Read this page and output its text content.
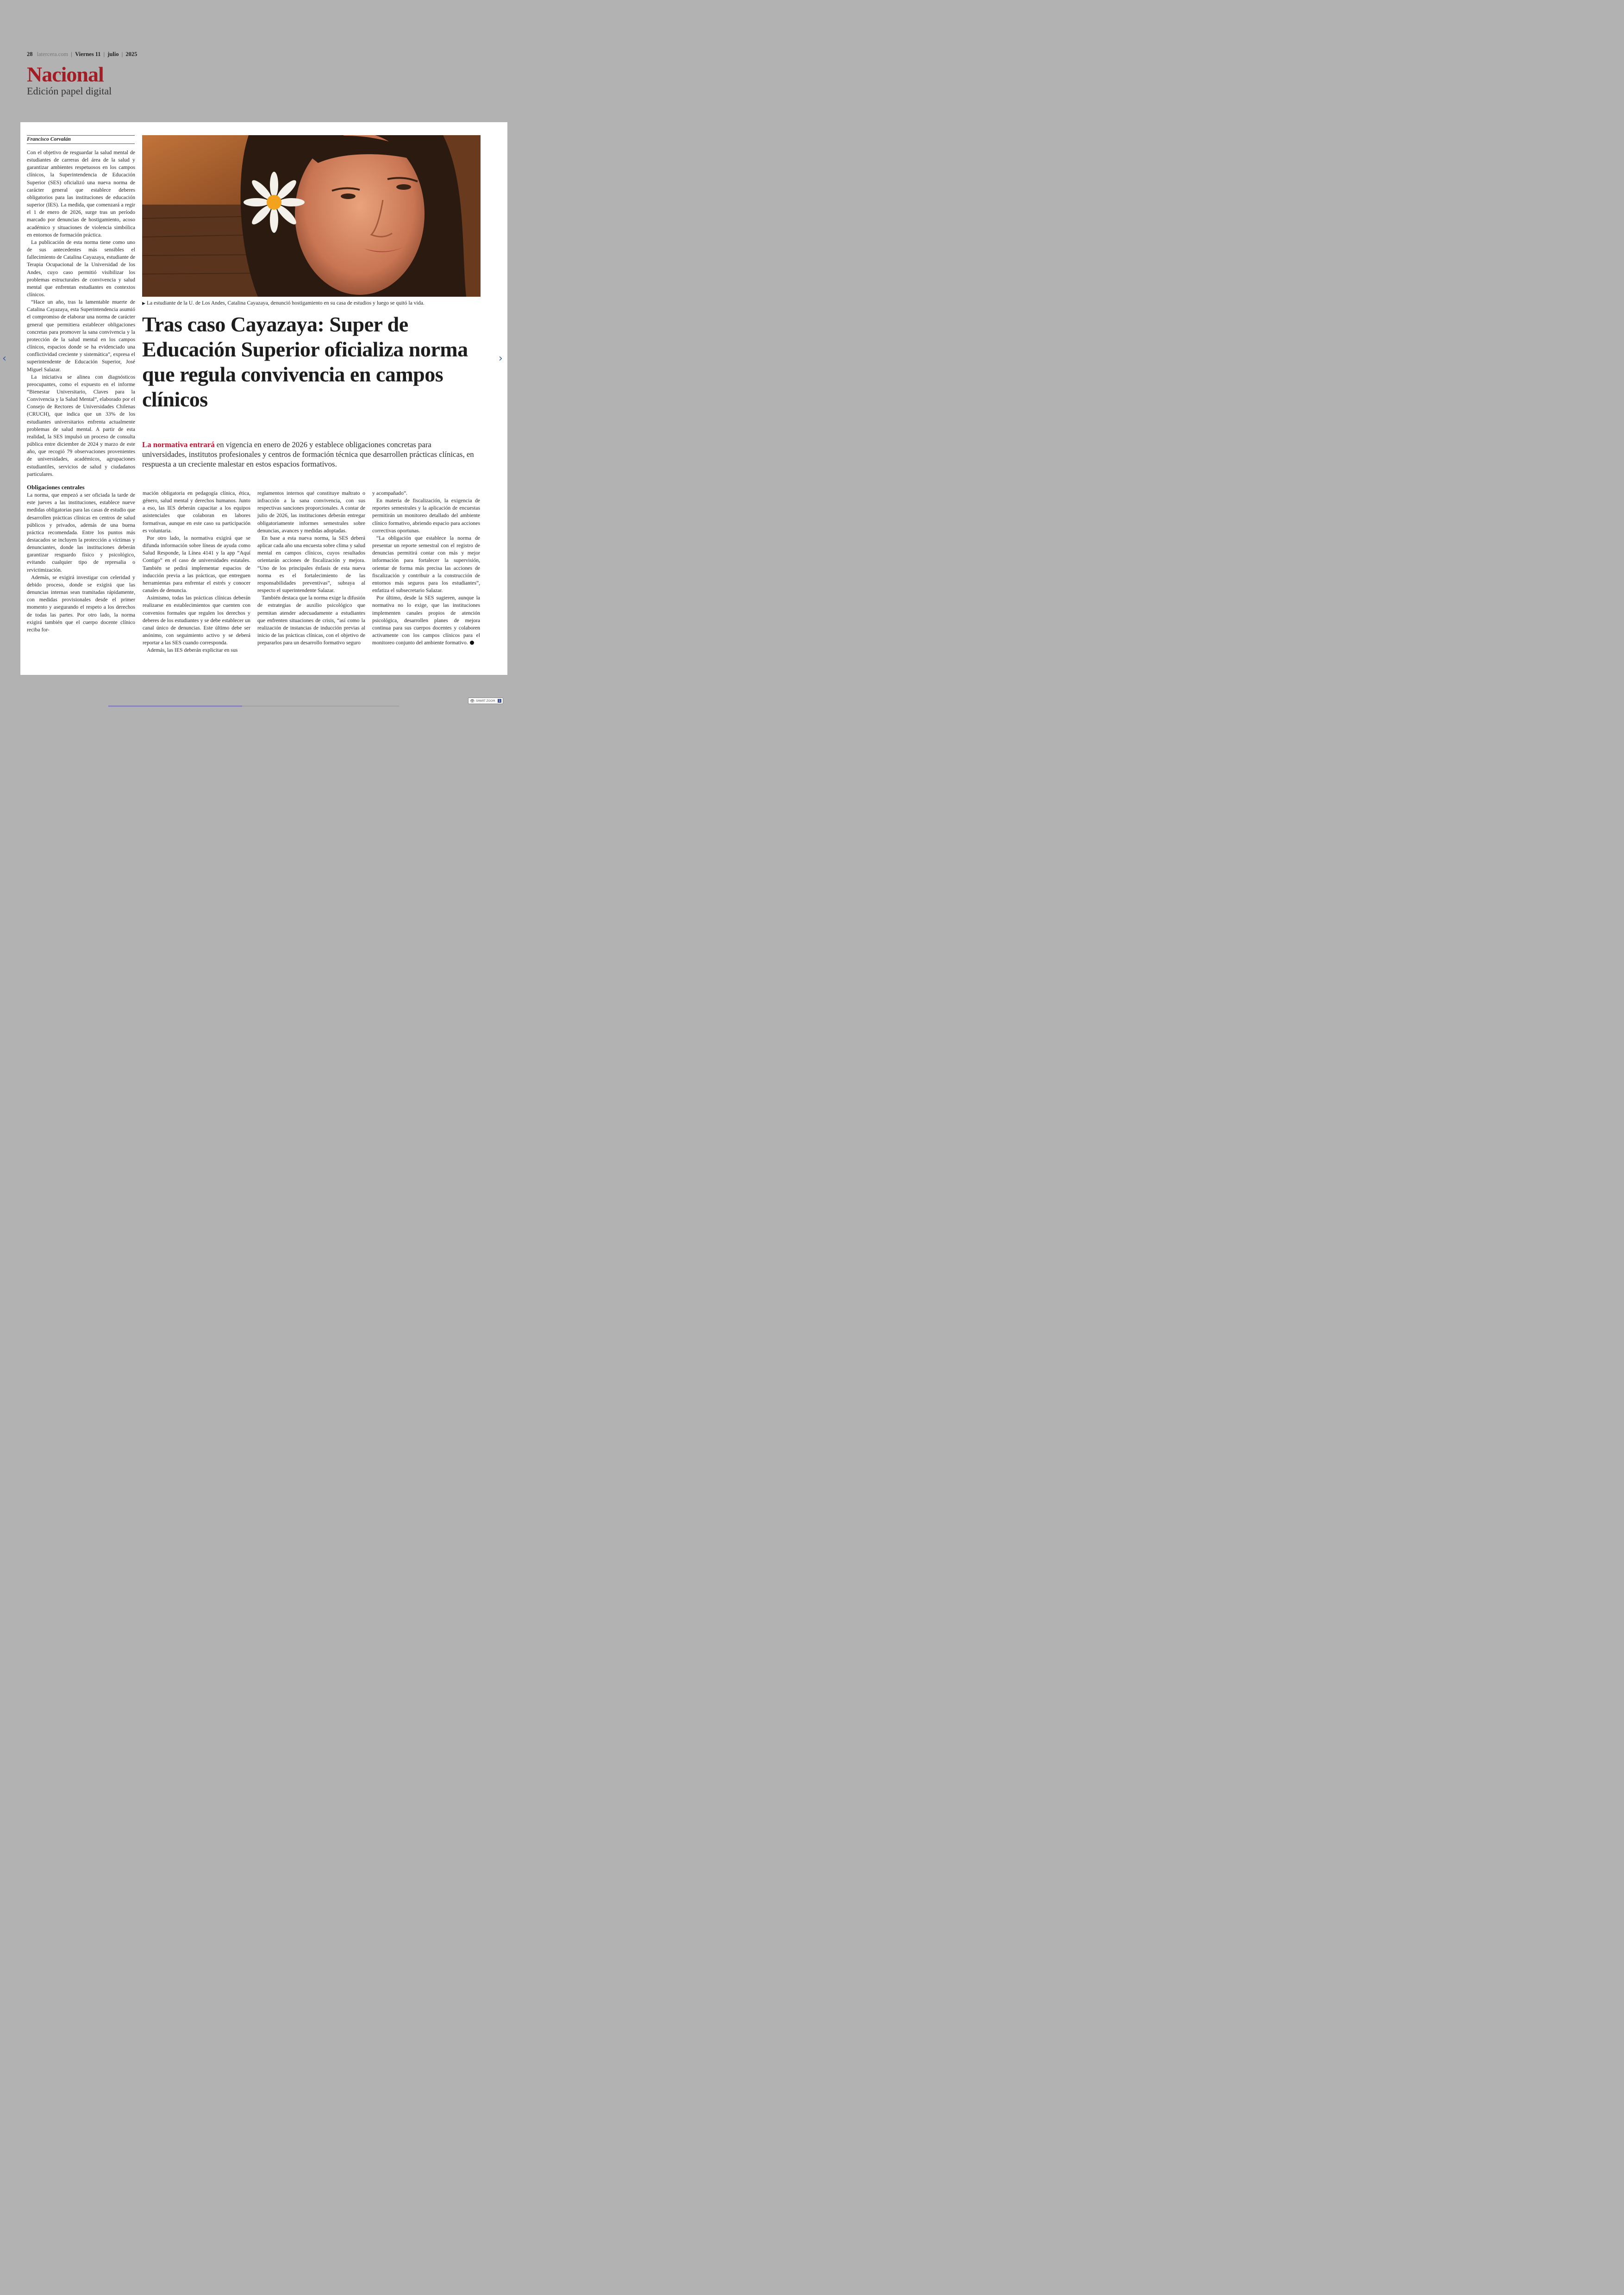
28 latercera.com | Viernes 11 | julio | 2025
Nacional
Edición papel digital
Francisco Corvalán

Con el objetivo de resguardar la salud mental de estudiantes de carreras del área de la salud y garantizar ambientes respetuosos en los campos clínicos, la Superintendencia de Educación Superior (SES) oficializó una nueva norma de carácter general que establece deberes obligatorios para las instituciones de educación superior (IES). La medida, que comenzará a regir el 1 de enero de 2026, surge tras un período marcado por denuncias de hostigamiento, acoso académico y situaciones de violencia simbólica en entornos de formación práctica.

La publicación de esta norma tiene como uno de sus antecedentes más sensibles el fallecimiento de Catalina Cayazaya, estudiante de Terapia Ocupacional de la Universidad de los Andes, cuyo caso permitió visibilizar los problemas estructurales de convivencia y salud mental que enfrentan estudiantes en contextos clínicos.

“Hace un año, tras la lamentable muerte de Catalina Cayazaya, esta Superintendencia asumió el compromiso de elaborar una norma de carácter general que permitiera establecer obligaciones concretas para promover la sana convivencia y la protección de la salud mental en los campos clínicos, espacios donde se ha evidenciado una conflictividad creciente y sistemática”, expresa el superintendente de Educación Superior, José Miguel Salazar.

La iniciativa se alinea con diagnósticos preocupantes, como el expuesto en el informe “Bienestar Universitario, Claves para la Convivencia y la Salud Mental”, elaborado por el Consejo de Rectores de Universidades Chilenas (CRUCH), que indica que un 33% de los estudiantes universitarios enfrenta actualmente problemas de salud mental. A partir de esta realidad, la SES impulsó un proceso de consulta pública entre diciembre de 2024 y marzo de este año, que recogió 79 observaciones provenientes de universidades, académicos, agrupaciones estudiantiles, servicios de salud y ciudadanos particulares.

Obligaciones centrales

La norma, que empezó a ser oficiada la tarde de este jueves a las instituciones, establece nueve medidas obligatorias para las casas de estudio que desarrollen prácticas clínicas en centros de salud públicos y privados, además de una buena práctica recomendada. Entre los puntos más destacados se incluyen la protección a víctimas y denunciantes, donde las instituciones deberán garantizar resguardo físico y psicológico, evitando cualquier tipo de represalia o revictimización.

Además, se exigirá investigar con celeridad y debido proceso, donde se exigirá que las denuncias internas sean tramitadas rápidamente, con medidas provisionales desde el primer momento y asegurando el respeto a los derechos de todas las partes. Por otro lado, la norma exigirá también que el cuerpo docente clínico reciba for-

▶ La estudiante de la U. de Los Andes, Catalina Cayazaya, denunció hostigamiento en su casa de estudios y luego se quitó la vida.
Tras caso Cayazaya: Super de Educación Superior oficializa norma que regula convivencia en campos clínicos

La normativa entrará en vigencia en enero de 2026 y establece obligaciones concretas para universidades, institutos profesionales y centros de formación técnica que desarrollen prácticas clínicas, en respuesta a un creciente malestar en estos espacios formativos.

mación obligatoria en pedagogía clínica, ética, género, salud mental y derechos humanos. Junto a eso, las IES deberán capacitar a los equipos asistenciales que colaboran en labores formativas, aunque en este caso su participación es voluntaria.

Por otro lado, la normativa exigirá que se difunda información sobre líneas de ayuda como Salud Responde, la Línea 4141 y la app “Aquí Contigo” en el caso de universidades estatales. También se pedirá implementar espacios de inducción previa a las prácticas, que entreguen herramientas para enfrentar el estrés y conocer canales de denuncia.

Asimismo, todas las prácticas clínicas deberán realizarse en establecimientos que cuenten con convenios formales que regulen los derechos y deberes de los estudiantes y se debe establecer un canal único de denuncias. Este último debe ser anónimo, con seguimiento activo y se deberá reportar a las SES cuando corresponda.

Además, las IES deberán explicitar en sus

reglamentos internos qué constituye maltrato o infracción a la sana convivencia, con sus respectivas sanciones proporcionales. A contar de julio de 2026, las instituciones deberán entregar obligatoriamente informes semestrales sobre denuncias, avances y medidas adoptadas.

En base a esta nueva norma, la SES deberá aplicar cada año una encuesta sobre clima y salud mental en campos clínicos, cuyos resultados orientarán acciones de fiscalización y mejora. “Uno de los principales énfasis de esta nueva norma es el fortalecimiento de las responsabilidades preventivas”, subraya al respecto el superintendente Salazar.

También destaca que la norma exige la difusión de estrategias de auxilio psicológico que permitan atender adecuadamente a estudiantes que enfrenten situaciones de crisis, “así como la realización de instancias de inducción previas al inicio de las prácticas clínicas, con el objetivo de prepararlos para un desarrollo formativo seguro

y acompañado”.

En materia de fiscalización, la exigencia de reportes semestrales y la aplicación de encuestas permitirán un monitoreo detallado del ambiente clínico formativo, abriendo espacio para acciones correctivas oportunas.

“La obligación que establece la norma de presentar un reporte semestral con el registro de denuncias permitirá contar con más y mejor información para fortalecer la supervisión, orientar de forma más precisa las acciones de fiscalización y contribuir a la construcción de entornos más seguros para los estudiantes”, enfatiza el subsecretario Salazar.

Por último, desde la SES sugieren, aunque la normativa no lo exige, que las instituciones implementen canales propios de atención psicológica, desarrollen planes de mejora continua para sus cuerpos docentes y colaboren activamente con los campos clínicos para el monitoreo conjunto del ambiente formativo.

‹	›
👁 SMART ZOOM	1
